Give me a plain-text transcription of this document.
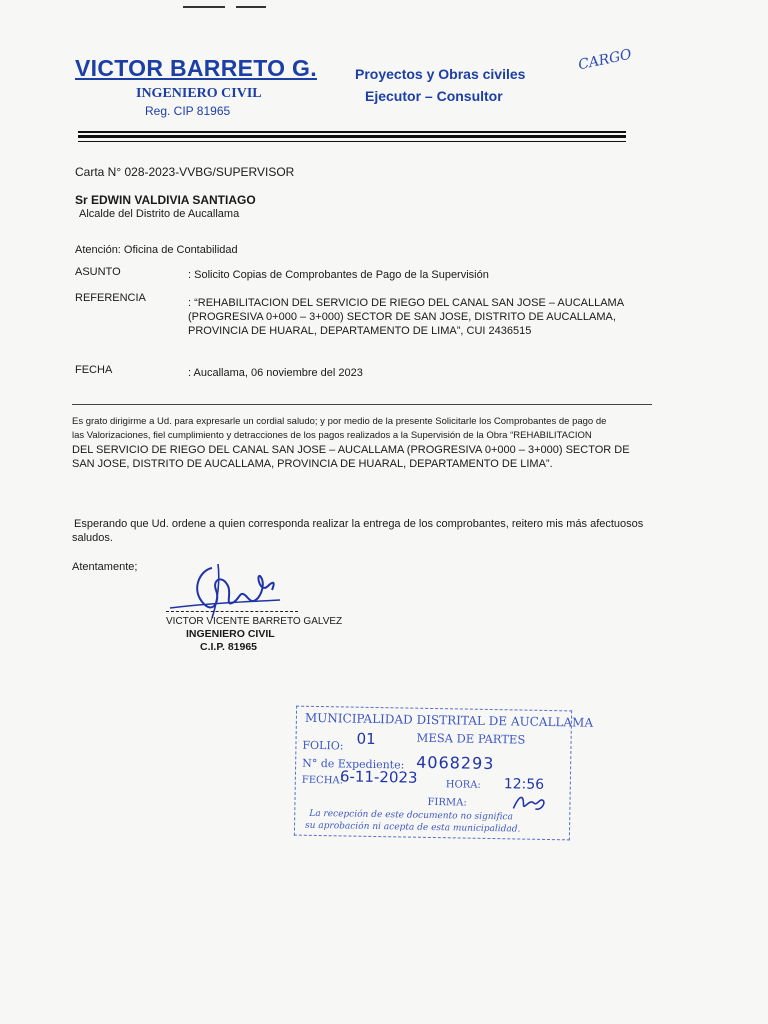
VICTOR BARRETO G.
INGENIERO CIVIL
Reg. CIP 81965
Proyectos y Obras civiles
Ejecutor – Consultor
CARGO
Carta N° 028-2023-VVBG/SUPERVISOR
Sr EDWIN VALDIVIA SANTIAGO
Alcalde del Distrito de Aucallama
Atención: Oficina de Contabilidad
ASUNTO	: Solicito Copias de Comprobantes de Pago de la Supervisión
REFERENCIA	: “REHABILITACION DEL SERVICIO DE RIEGO DEL CANAL SAN JOSE – AUCALLAMA
(PROGRESIVA 0+000 – 3+000) SECTOR DE SAN JOSE, DISTRITO DE AUCALLAMA,
PROVINCIA DE HUARAL, DEPARTAMENTO DE LIMA”, CUI 2436515
FECHA	: Aucallama, 06 noviembre del 2023
Es grato dirigirme a Ud. para expresarle un cordial saludo; y por medio de la presente Solicitarle los Comprobantes de pago de
las Valorizaciones, fiel cumplimiento y detracciones de los pagos realizados a la Supervisión de la Obra “REHABILITACION
DEL SERVICIO DE RIEGO DEL CANAL SAN JOSE – AUCALLAMA (PROGRESIVA 0+000 – 3+000) SECTOR DE
SAN JOSE, DISTRITO DE AUCALLAMA, PROVINCIA DE HUARAL, DEPARTAMENTO DE LIMA”.
Esperando que Ud. ordene a quien corresponda realizar la entrega de los comprobantes, reitero mis más afectuosos
saludos.
Atentamente;
VICTOR VICENTE BARRETO GALVEZ
INGENIERO CIVIL
C.I.P. 81965
MUNICIPALIDAD DISTRITAL DE AUCALLAMA
MESA DE PARTES
FOLIO: 01
N° de Expediente: 4068293
FECHA:
6-11-2023	HORA: 12:56
FIRMA:
La recepción de este documento no significa
su aprobación ni acepta de esta municipalidad.
